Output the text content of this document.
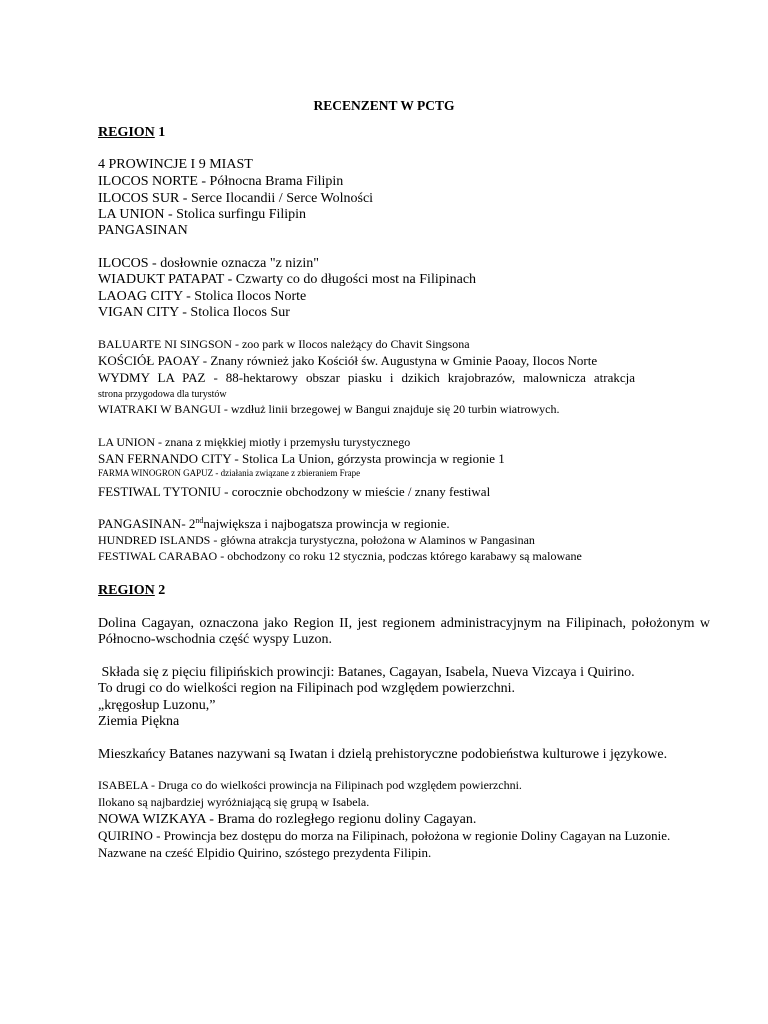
RECENZENT W PCTG
REGION 1
4 PROWINCJE I 9 MIAST
ILOCOS NORTE - Północna Brama Filipin
ILOCOS SUR - Serce Ilocandii / Serce Wolności
LA UNION - Stolica surfingu Filipin
PANGASINAN
ILOCOS - dosłownie oznacza "z nizin"
WIADUKT PATAPAT - Czwarty co do długości most na Filipinach
LAOAG CITY - Stolica Ilocos Norte
VIGAN CITY - Stolica Ilocos Sur
BALUARTE NI SINGSON - zoo park w Ilocos należący do Chavit Singsona
KOŚCIÓŁ PAOAY - Znany również jako Kościół św. Augustyna w Gminie Paoay, Ilocos Norte
WYDMY LA PAZ - 88-hektarowy obszar piasku i dzikich krajobrazów, malownicza atrakcja
strona przygodowa dla turystów
WIATRAKI W BANGUI - wzdłuż linii brzegowej w Bangui znajduje się 20 turbin wiatrowych.
LA UNION - znana z miękkiej miotły i przemysłu turystycznego
SAN FERNANDO CITY - Stolica La Union, górzysta prowincja w regionie 1
FARMA WINOGRON GAPUZ - działania związane z zbieraniem Frape
FESTIWAL TYTONIU - corocznie obchodzony w mieście / znany festiwal
PANGASINAN- 2ndnajwiększa i najbogatsza prowincja w regionie.
HUNDRED ISLANDS - główna atrakcja turystyczna, położona w Alaminos w Pangasinan
FESTIWAL CARABAO - obchodzony co roku 12 stycznia, podczas którego karabawy są malowane
REGION 2
Dolina Cagayan, oznaczona jako Region II, jest regionem administracyjnym na Filipinach, położonym w
Północno-wschodnia część wyspy Luzon.
Składa się z pięciu filipińskich prowincji: Batanes, Cagayan, Isabela, Nueva Vizcaya i Quirino.
To drugi co do wielkości region na Filipinach pod względem powierzchni.
„kręgosłup Luzonu,”
Ziemia Piękna
Mieszkańcy Batanes nazywani są Iwatan i dzielą prehistoryczne podobieństwa kulturowe i językowe.
ISABELA - Druga co do wielkości prowincja na Filipinach pod względem powierzchni.
Ilokano są najbardziej wyróżniającą się grupą w Isabela.
NOWA WIZKAYA - Brama do rozległego regionu doliny Cagayan.
QUIRINO - Prowincja bez dostępu do morza na Filipinach, położona w regionie Doliny Cagayan na Luzonie.
Nazwane na cześć Elpidio Quirino, szóstego prezydenta Filipin.
